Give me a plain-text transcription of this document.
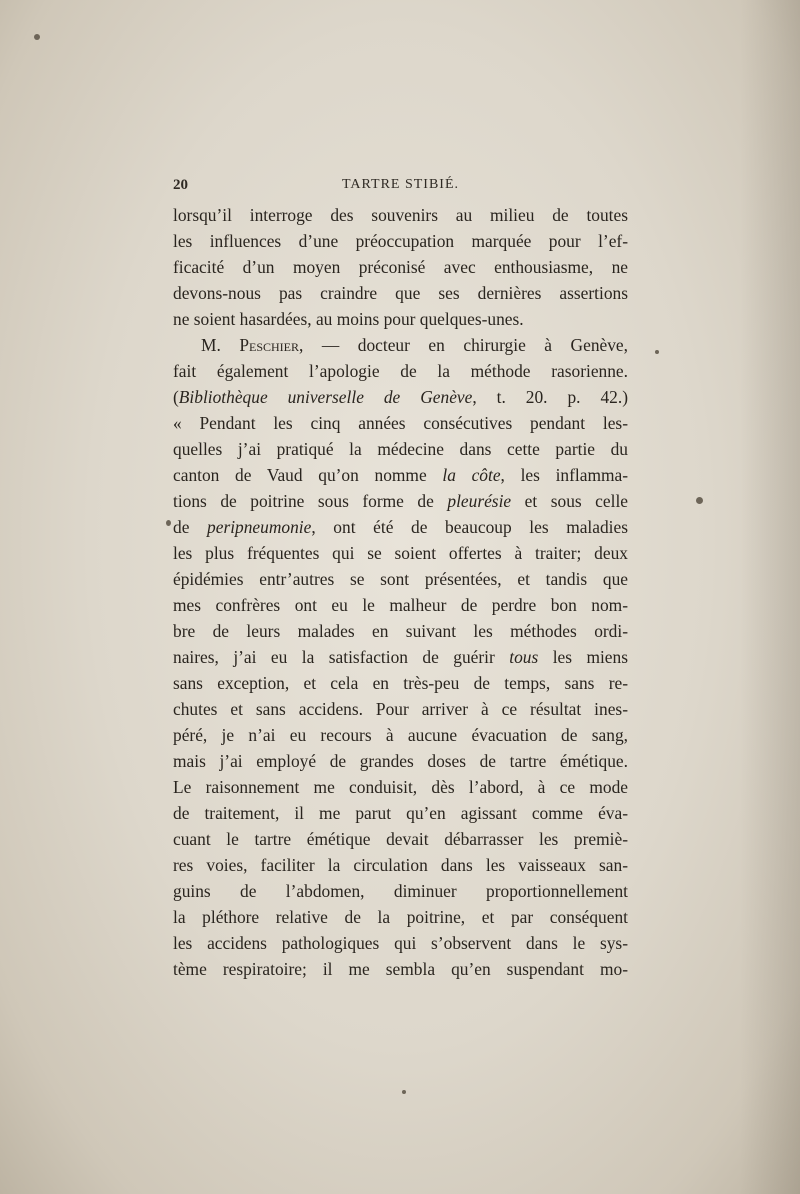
20	TARTRE STIBIÉ.
lorsqu’il interroge des souvenirs au milieu de toutes
les influences d’une préoccupation marquée pour l’ef-
ficacité d’un moyen préconisé avec enthousiasme, ne
devons-nous pas craindre que ses dernières assertions
ne soient hasardées, au moins pour quelques-unes.
M. Peschier, — docteur en chirurgie à Genève,
fait également l’apologie de la méthode rasorienne.
(Bibliothèque universelle de Genève, t. 20. p. 42.)
« Pendant les cinq années consécutives pendant les-
quelles j’ai pratiqué la médecine dans cette partie du
canton de Vaud qu’on nomme la côte, les inflamma-
tions de poitrine sous forme de pleurésie et sous celle
de peripneumonie, ont été de beaucoup les maladies
les plus fréquentes qui se soient offertes à traiter; deux
épidémies entr’autres se sont présentées, et tandis que
mes confrères ont eu le malheur de perdre bon nom-
bre de leurs malades en suivant les méthodes ordi-
naires, j’ai eu la satisfaction de guérir tous les miens
sans exception, et cela en très-peu de temps, sans re-
chutes et sans accidens. Pour arriver à ce résultat ines-
péré, je n’ai eu recours à aucune évacuation de sang,
mais j’ai employé de grandes doses de tartre émétique.
Le raisonnement me conduisit, dès l’abord, à ce mode
de traitement, il me parut qu’en agissant comme éva-
cuant le tartre émétique devait débarrasser les premiè-
res voies, faciliter la circulation dans les vaisseaux san-
guins de l’abdomen, diminuer proportionnellement
la pléthore relative de la poitrine, et par conséquent
les accidens pathologiques qui s’observent dans le sys-
tème respiratoire; il me sembla qu’en suspendant mo-
